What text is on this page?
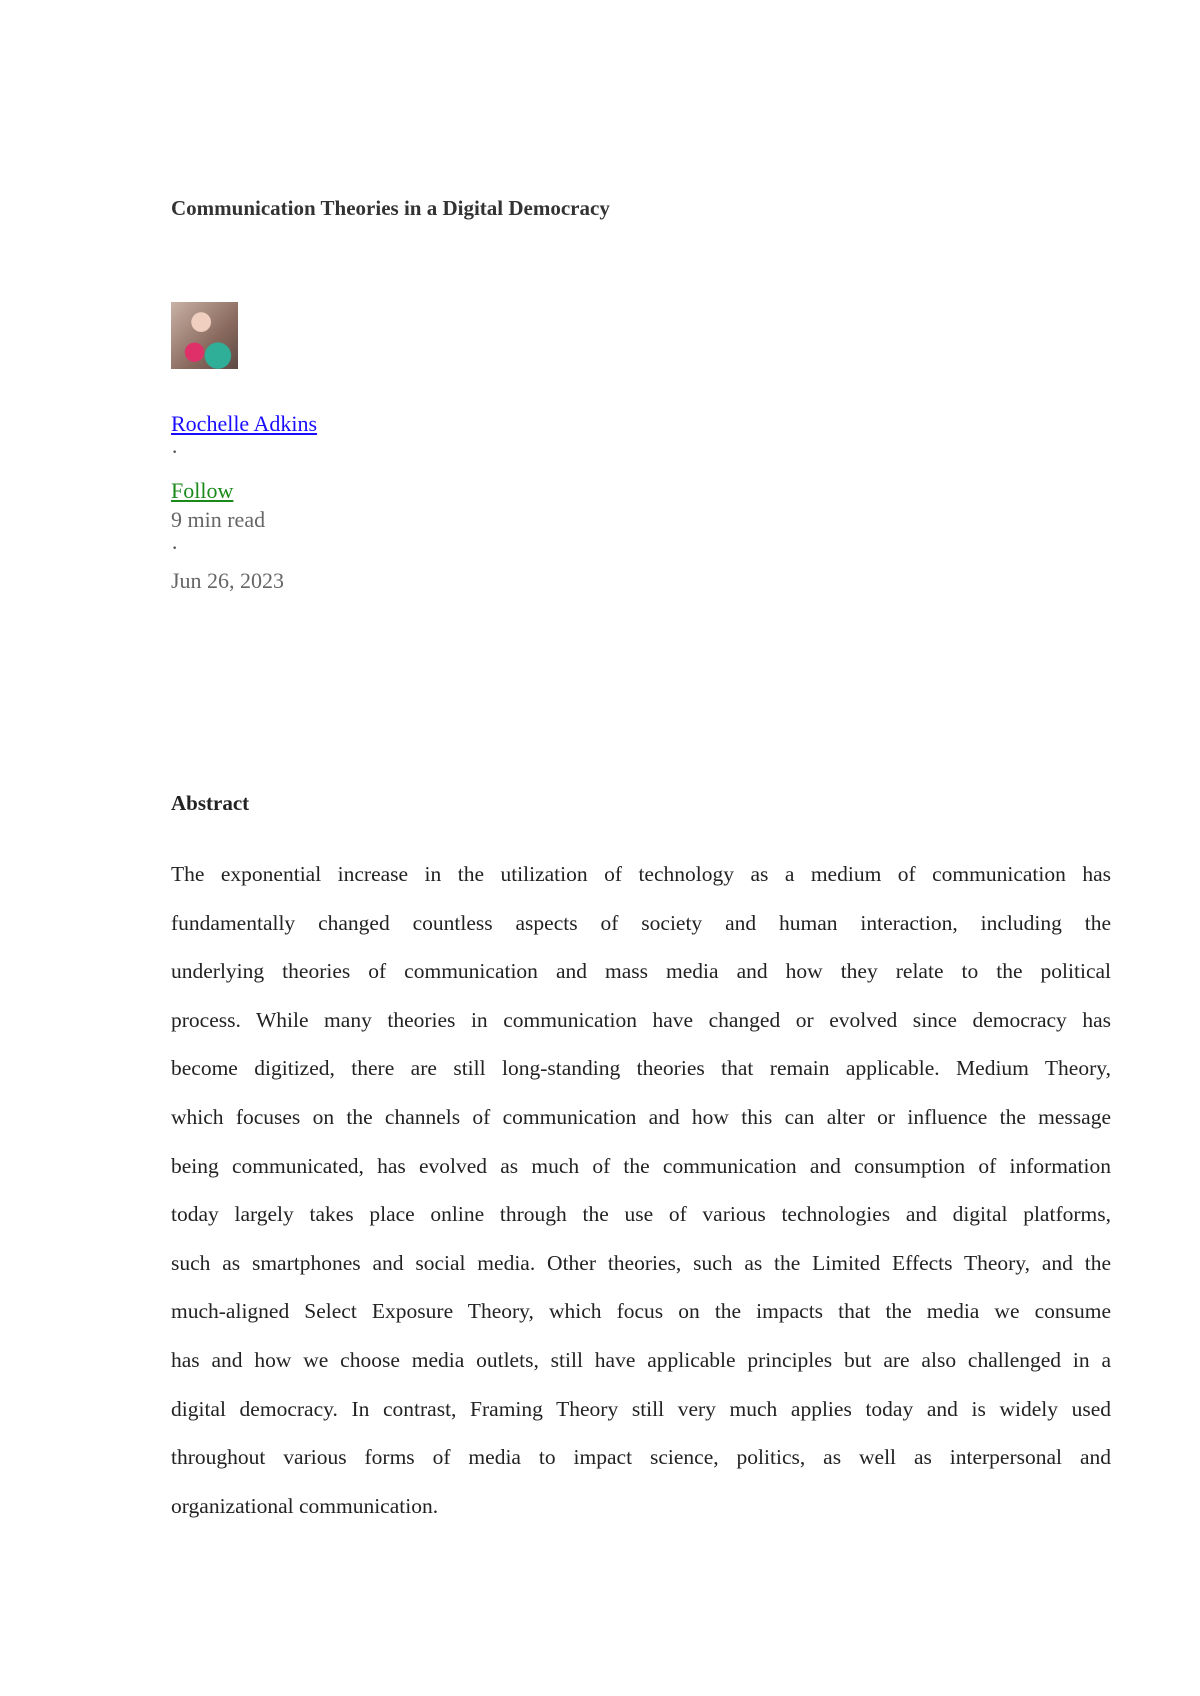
Communication Theories in a Digital Democracy
Rochelle Adkins
·
Follow
9 min read
·
Jun 26, 2023
Abstract
The exponential increase in the utilization of technology as a medium of communication has
fundamentally changed countless aspects of society and human interaction, including the
underlying theories of communication and mass media and how they relate to the political
process. While many theories in communication have changed or evolved since democracy has
become digitized, there are still long-standing theories that remain applicable. Medium Theory,
which focuses on the channels of communication and how this can alter or influence the message
being communicated, has evolved as much of the communication and consumption of information
today largely takes place online through the use of various technologies and digital platforms,
such as smartphones and social media. Other theories, such as the Limited Effects Theory, and the
much-aligned Select Exposure Theory, which focus on the impacts that the media we consume
has and how we choose media outlets, still have applicable principles but are also challenged in a
digital democracy. In contrast, Framing Theory still very much applies today and is widely used
throughout various forms of media to impact science, politics, as well as interpersonal and
organizational communication.
